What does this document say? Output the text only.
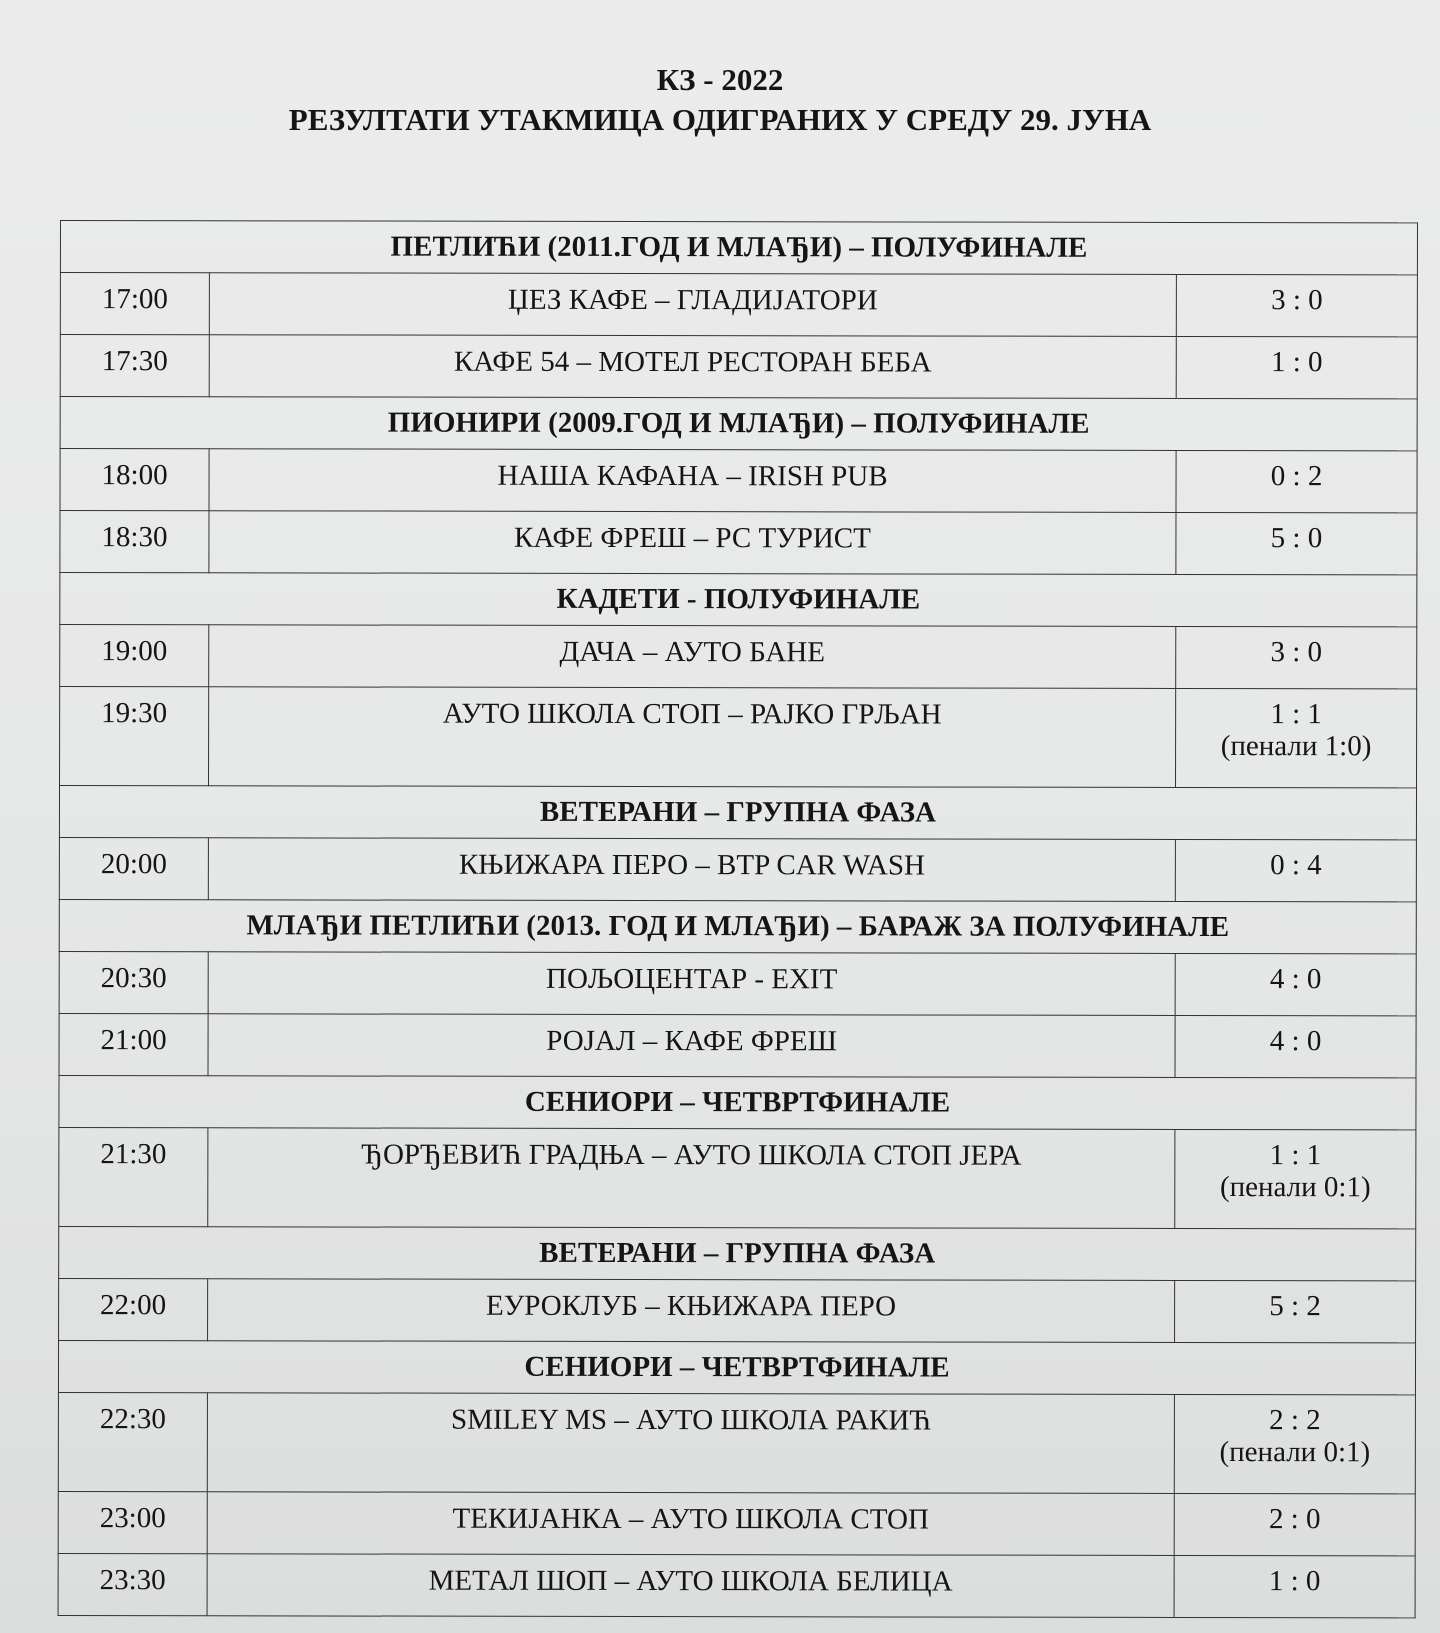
КЗ - 2022
РЕЗУЛТАТИ УТАКМИЦА ОДИГРАНИХ У СРЕДУ 29. ЈУНА
ПЕТЛИЋИ (2011.ГОД И МЛАЂИ) – ПОЛУФИНАЛЕ		

17:00	ЏЕЗ КАФЕ – ГЛАДИЈАТОРИ	3 : 0

17:30	КАФЕ 54 – МОТЕЛ РЕСТОРАН БЕБА	1 : 0

ПИОНИРИ (2009.ГОД И МЛАЂИ) – ПОЛУФИНАЛЕ		

18:00	НАША КАФАНА – IRISH PUB	0 : 2

18:30	КАФЕ ФРЕШ – РС ТУРИСТ	5 : 0

КАДЕТИ - ПОЛУФИНАЛЕ		

19:00	ДАЧА – АУТО БАНЕ	3 : 0

19:30	АУТО ШКОЛА СТОП – РАЈКО ГРЉАН	1 : 1
(пенали 1:0)

ВЕТЕРАНИ – ГРУПНА ФАЗА		

20:00	КЊИЖАРА ПЕРО – BTP CAR WASH	0 : 4

МЛАЂИ ПЕТЛИЋИ (2013. ГОД И МЛАЂИ) – БАРАЖ ЗА ПОЛУФИНАЛЕ		

20:30	ПОЉОЦЕНТАР - EXIT	4 : 0

21:00	РОЈАЛ – КАФЕ ФРЕШ	4 : 0

СЕНИОРИ – ЧЕТВРТФИНАЛЕ		

21:30	ЂОРЂЕВИЋ ГРАДЊА – АУТО ШКОЛА СТОП ЈЕРА	1 : 1
(пенали 0:1)

ВЕТЕРАНИ – ГРУПНА ФАЗА		

22:00	ЕУРОКЛУБ – КЊИЖАРА ПЕРО	5 : 2

СЕНИОРИ – ЧЕТВРТФИНАЛЕ		

22:30	SMILEY MS – АУТО ШКОЛА РАКИЋ	2 : 2
(пенали 0:1)

23:00	ТЕКИЈАНКА – АУТО ШКОЛА СТОП	2 : 0

23:30	МЕТАЛ ШОП – АУТО ШКОЛА БЕЛИЦА	1 : 0
